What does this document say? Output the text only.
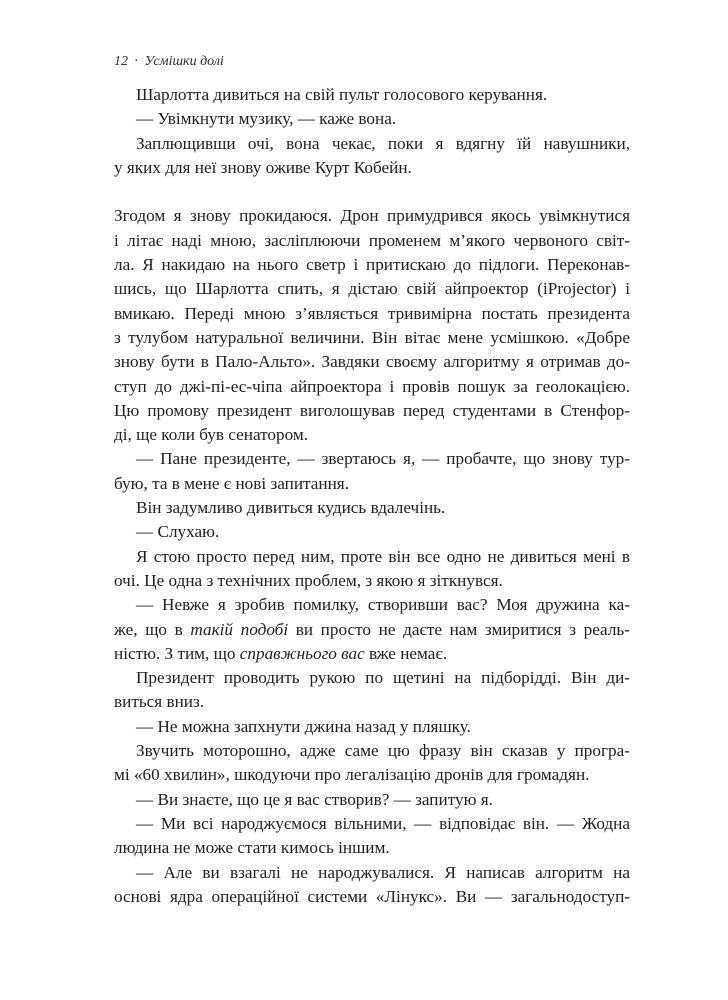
12 · Усмішки долі
Шарлотта дивиться на свій пульт голосового керування.
— Увімкнути музику, — каже вона.
Заплющивши очі, вона чекає, поки я вдягну їй навушники,
у яких для неї знову оживе Курт Кобейн.
Згодом я знову прокидаюся. Дрон примудрився якось увімкнутися
і літає наді мною, засліплюючи променем м’якого червоного світ-
ла. Я накидаю на нього светр і притискаю до підлоги. Переконав-
шись, що Шарлотта спить, я дістаю свій айпроектор (iProjector) і
вмикаю. Переді мною з’являється тривимірна постать президента
з тулубом натуральної величини. Він вітає мене усмішкою. «Добре
знову бути в Пало-Альто». Завдяки своєму алгоритму я отримав до-
ступ до джі-пі-ес-чіпа айпроектора і провів пошук за геолокацією.
Цю промову президент виголошував перед студентами в Стенфор-
ді, ще коли був сенатором.
— Пане президенте, — звертаюсь я, — пробачте, що знову тур-
бую, та в мене є нові запитання.
Він задумливо дивиться кудись вдалечінь.
— Слухаю.
Я стою просто перед ним, проте він все одно не дивиться мені в
очі. Це одна з технічних проблем, з якою я зіткнувся.
— Невже я зробив помилку, створивши вас? Моя дружина ка-
же, що в такій подобі ви просто не даєте нам змиритися з реаль-
ністю. З тим, що справжнього вас вже немає.
Президент проводить рукою по щетині на підборідді. Він ди-
виться вниз.
— Не можна запхнути джина назад у пляшку.
Звучить моторошно, адже саме цю фразу він сказав у програ-
мі «60 хвилин», шкодуючи про легалізацію дронів для громадян.
— Ви знаєте, що це я вас створив? — запитую я.
— Ми всі народжуємося вільними, — відповідає він. — Жодна
людина не може стати кимось іншим.
— Але ви взагалі не народжувалися. Я написав алгоритм на
основі ядра операційної системи «Лінукс». Ви — загальнодоступ-
